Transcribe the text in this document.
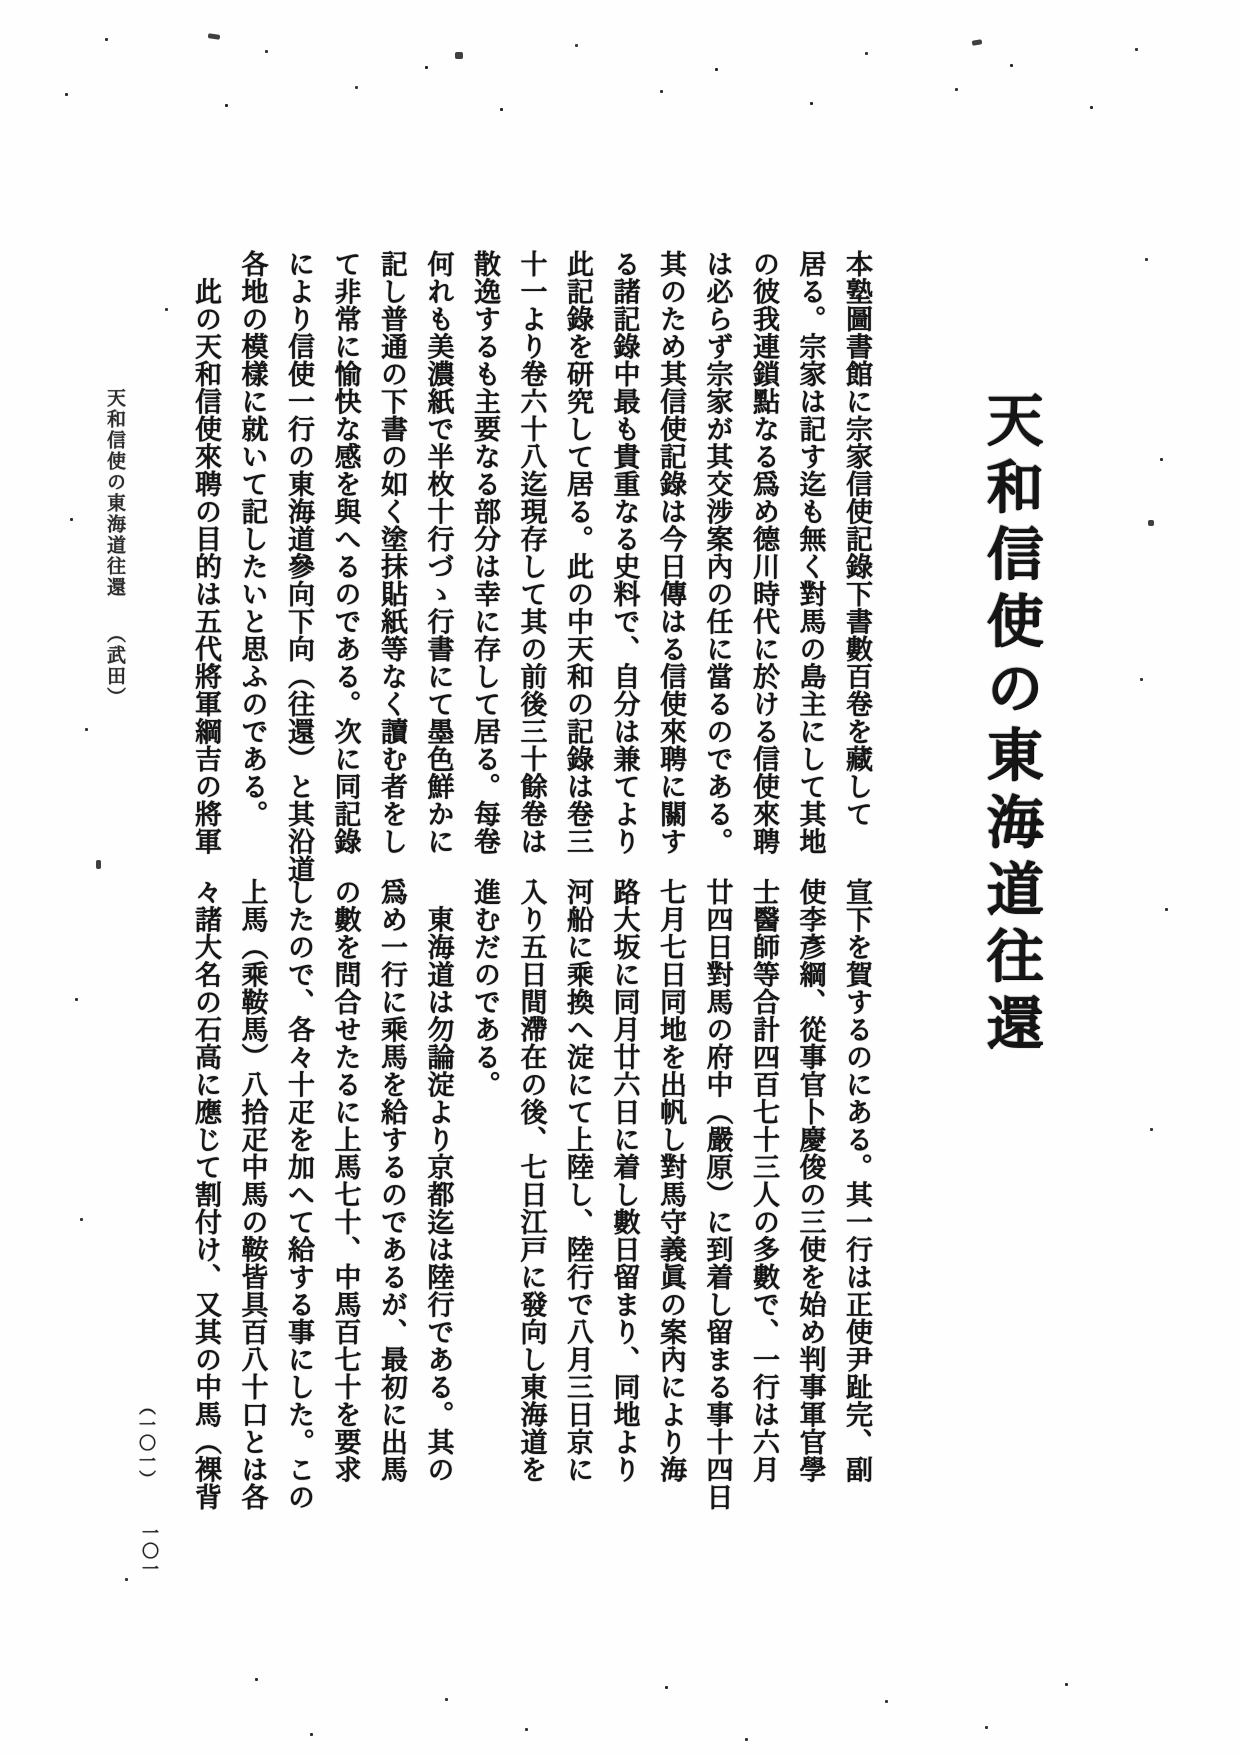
天和信使の東海道往還
本塾圖書館に宗家信使記錄下書數百卷を藏して
居る。宗家は記す迄も無く對馬の島主にして其地
の彼我連鎖點なる爲め德川時代に於ける信使來聘
は必らず宗家が其交涉案內の任に當るのである。
其のため其信使記錄は今日傳はる信使來聘に關す
る諸記錄中最も貴重なる史料で、自分は兼てより
此記錄を研究して居る。此の中天和の記錄は卷三
十一より卷六十八迄現存して其の前後三十餘卷は
散逸するも主要なる部分は幸に存して居る。每卷
何れも美濃紙で半枚十行づゝ行書にて墨色鮮かに
記し普通の下書の如く塗抹貼紙等なく讀む者をし
て非常に愉快な感を與へるのである。次に同記錄
により信使一行の東海道參向下向（往還）と其沿道
各地の模樣に就いて記したいと思ふのである。
　此の天和信使來聘の目的は五代將軍綱吉の將軍
宣下を賀するのにある。其一行は正使尹趾完、副
使李彥綱、從事官卜慶俊の三使を始め判事軍官學
士醫師等合計四百七十三人の多數で、一行は六月
廿四日對馬の府中（嚴原）に到着し留まる事十四日
七月七日同地を出帆し對馬守義眞の案內により海
路大坂に同月廿六日に着し數日留まり、同地より
河船に乘換へ淀にて上陸し、陸行で八月三日京に
入り五日間滯在の後、七日江戸に發向し東海道を
進むだのである。
　東海道は勿論淀より京都迄は陸行である。其の
爲め一行に乘馬を給するのであるが、最初に出馬
の數を問合せたるに上馬七十、中馬百七十を要求
したので、各々十疋を加へて給する事にした。この
上馬（乘鞍馬）八拾疋中馬の鞍皆具百八十口とは各
々諸大名の石高に應じて割付け、又其の中馬（裸背
天和信使の東海道往還（武田）
（一〇一）
一〇一
